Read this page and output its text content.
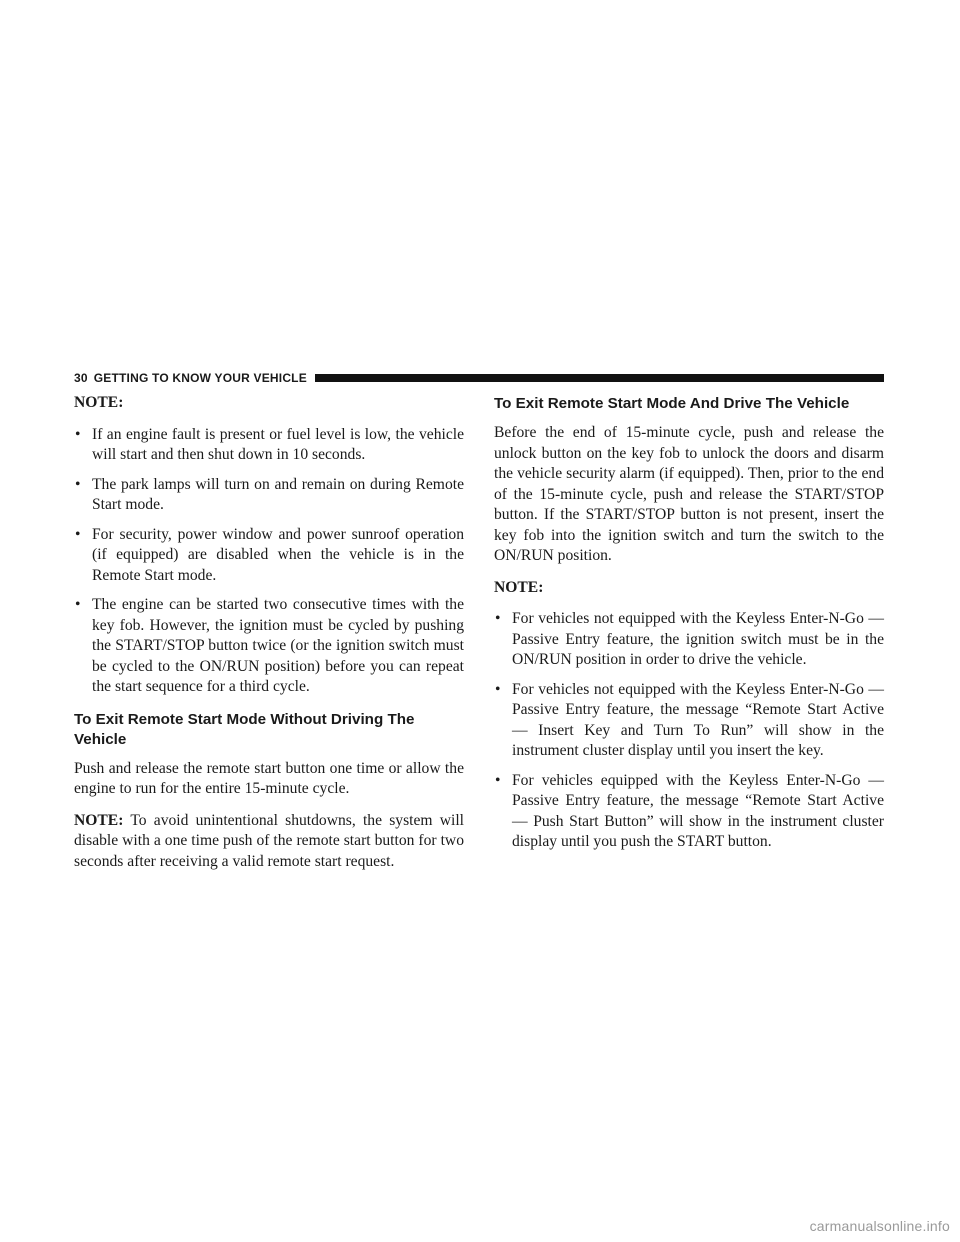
30 GETTING TO KNOW YOUR VEHICLE

NOTE:

• If an engine fault is present or fuel level is low, the vehicle will start and then shut down in 10 seconds.
• The park lamps will turn on and remain on during Remote Start mode.
• For security, power window and power sunroof operation (if equipped) are disabled when the vehicle is in the Remote Start mode.
• The engine can be started two consecutive times with the key fob. However, the ignition must be cycled by pushing the START/STOP button twice (or the ignition switch must be cycled to the ON/RUN position) before you can repeat the start sequence for a third cycle.
To Exit Remote Start Mode Without Driving The Vehicle

Push and release the remote start button one time or allow the engine to run for the entire 15-minute cycle.

NOTE: To avoid unintentional shutdowns, the system will disable with a one time push of the remote start button for two seconds after receiving a valid remote start request.

To Exit Remote Start Mode And Drive The Vehicle

Before the end of 15-minute cycle, push and release the unlock button on the key fob to unlock the doors and disarm the vehicle security alarm (if equipped). Then, prior to the end of the 15-minute cycle, push and release the START/STOP button. If the START/STOP button is not present, insert the key fob into the ignition switch and turn the switch to the ON/RUN position.

NOTE:

• For vehicles not equipped with the Keyless Enter-N-Go — Passive Entry feature, the ignition switch must be in the ON/RUN position in order to drive the vehicle.
• For vehicles not equipped with the Keyless Enter-N-Go — Passive Entry feature, the message “Remote Start Active — Insert Key and Turn To Run” will show in the instrument cluster display until you insert the key.
• For vehicles equipped with the Keyless Enter-N-Go — Passive Entry feature, the message “Remote Start Active — Push Start Button” will show in the instrument cluster display until you push the START button.
carmanualsonline.info
